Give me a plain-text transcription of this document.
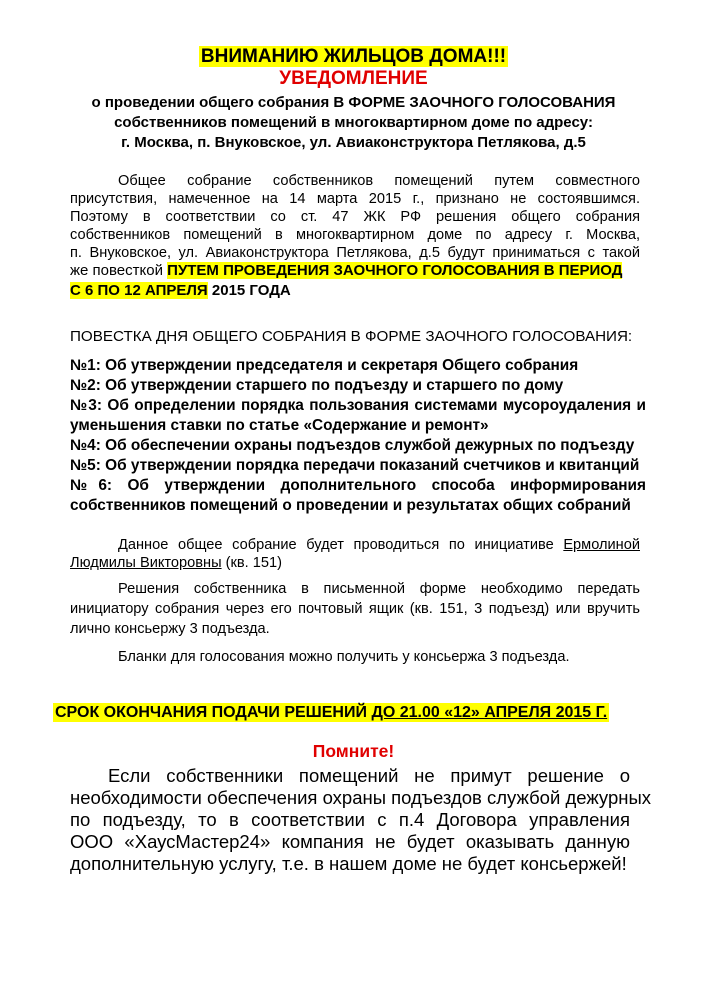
ВНИМАНИЮ ЖИЛЬЦОВ ДОМА!!!
УВЕДОМЛЕНИЕ
о проведении общего собрания В ФОРМЕ ЗАОЧНОГО ГОЛОСОВАНИЯ
собственников помещений в многоквартирном доме по адресу:
г. Москва, п. Внуковское, ул. Авиаконструктора Петлякова, д.5
Общее собрание собственников помещений путем совместного
присутствия, намеченное на 14 марта 2015 г., признано не состоявшимся.
Поэтому в соответствии со ст. 47 ЖК РФ решения общего собрания
собственников помещений в многоквартирном доме по адресу г. Москва,
п. Внуковское, ул. Авиаконструктора Петлякова, д.5 будут приниматься с такой
же повесткой ПУТЕМ ПРОВЕДЕНИЯ ЗАОЧНОГО ГОЛОСОВАНИЯ В ПЕРИОД
С 6 ПО 12 АПРЕЛЯ 2015 ГОДА
ПОВЕСТКА ДНЯ ОБЩЕГО СОБРАНИЯ В ФОРМЕ ЗАОЧНОГО ГОЛОСОВАНИЯ:
№1: Об утверждении председателя и секретаря Общего собрания
№2: Об утверждении старшего по подъезду и старшего по дому
№3: Об определении порядка пользования системами мусороудаления и
уменьшения ставки по статье «Содержание и ремонт»
№4: Об обеспечении охраны подъездов службой дежурных по подъезду
№5: Об утверждении порядка передачи показаний счетчиков и квитанций
№6: Об утверждении дополнительного способа информирования
собственников помещений о проведении и результатах общих собраний
Данное общее собрание будет проводиться по инициативе Ермолиной
Людмилы Викторовны (кв. 151)
Решения собственника в письменной форме необходимо передать
инициатору собрания через его почтовый ящик (кв. 151, 3 подъезд) или вручить
лично консьержу 3 подъезда.
Бланки для голосования можно получить у консьержа 3 подъезда.
СРОК ОКОНЧАНИЯ ПОДАЧИ РЕШЕНИЙ ДО 21.00 «12» АПРЕЛЯ 2015 Г.
Помните!
Если собственники помещений не примут решение о
необходимости обеспечения охраны подъездов службой дежурных
по подъезду, то в соответствии с п.4 Договора управления
ООО «ХаусМастер24» компания не будет оказывать данную
дополнительную услугу, т.е. в нашем доме не будет консьержей!
